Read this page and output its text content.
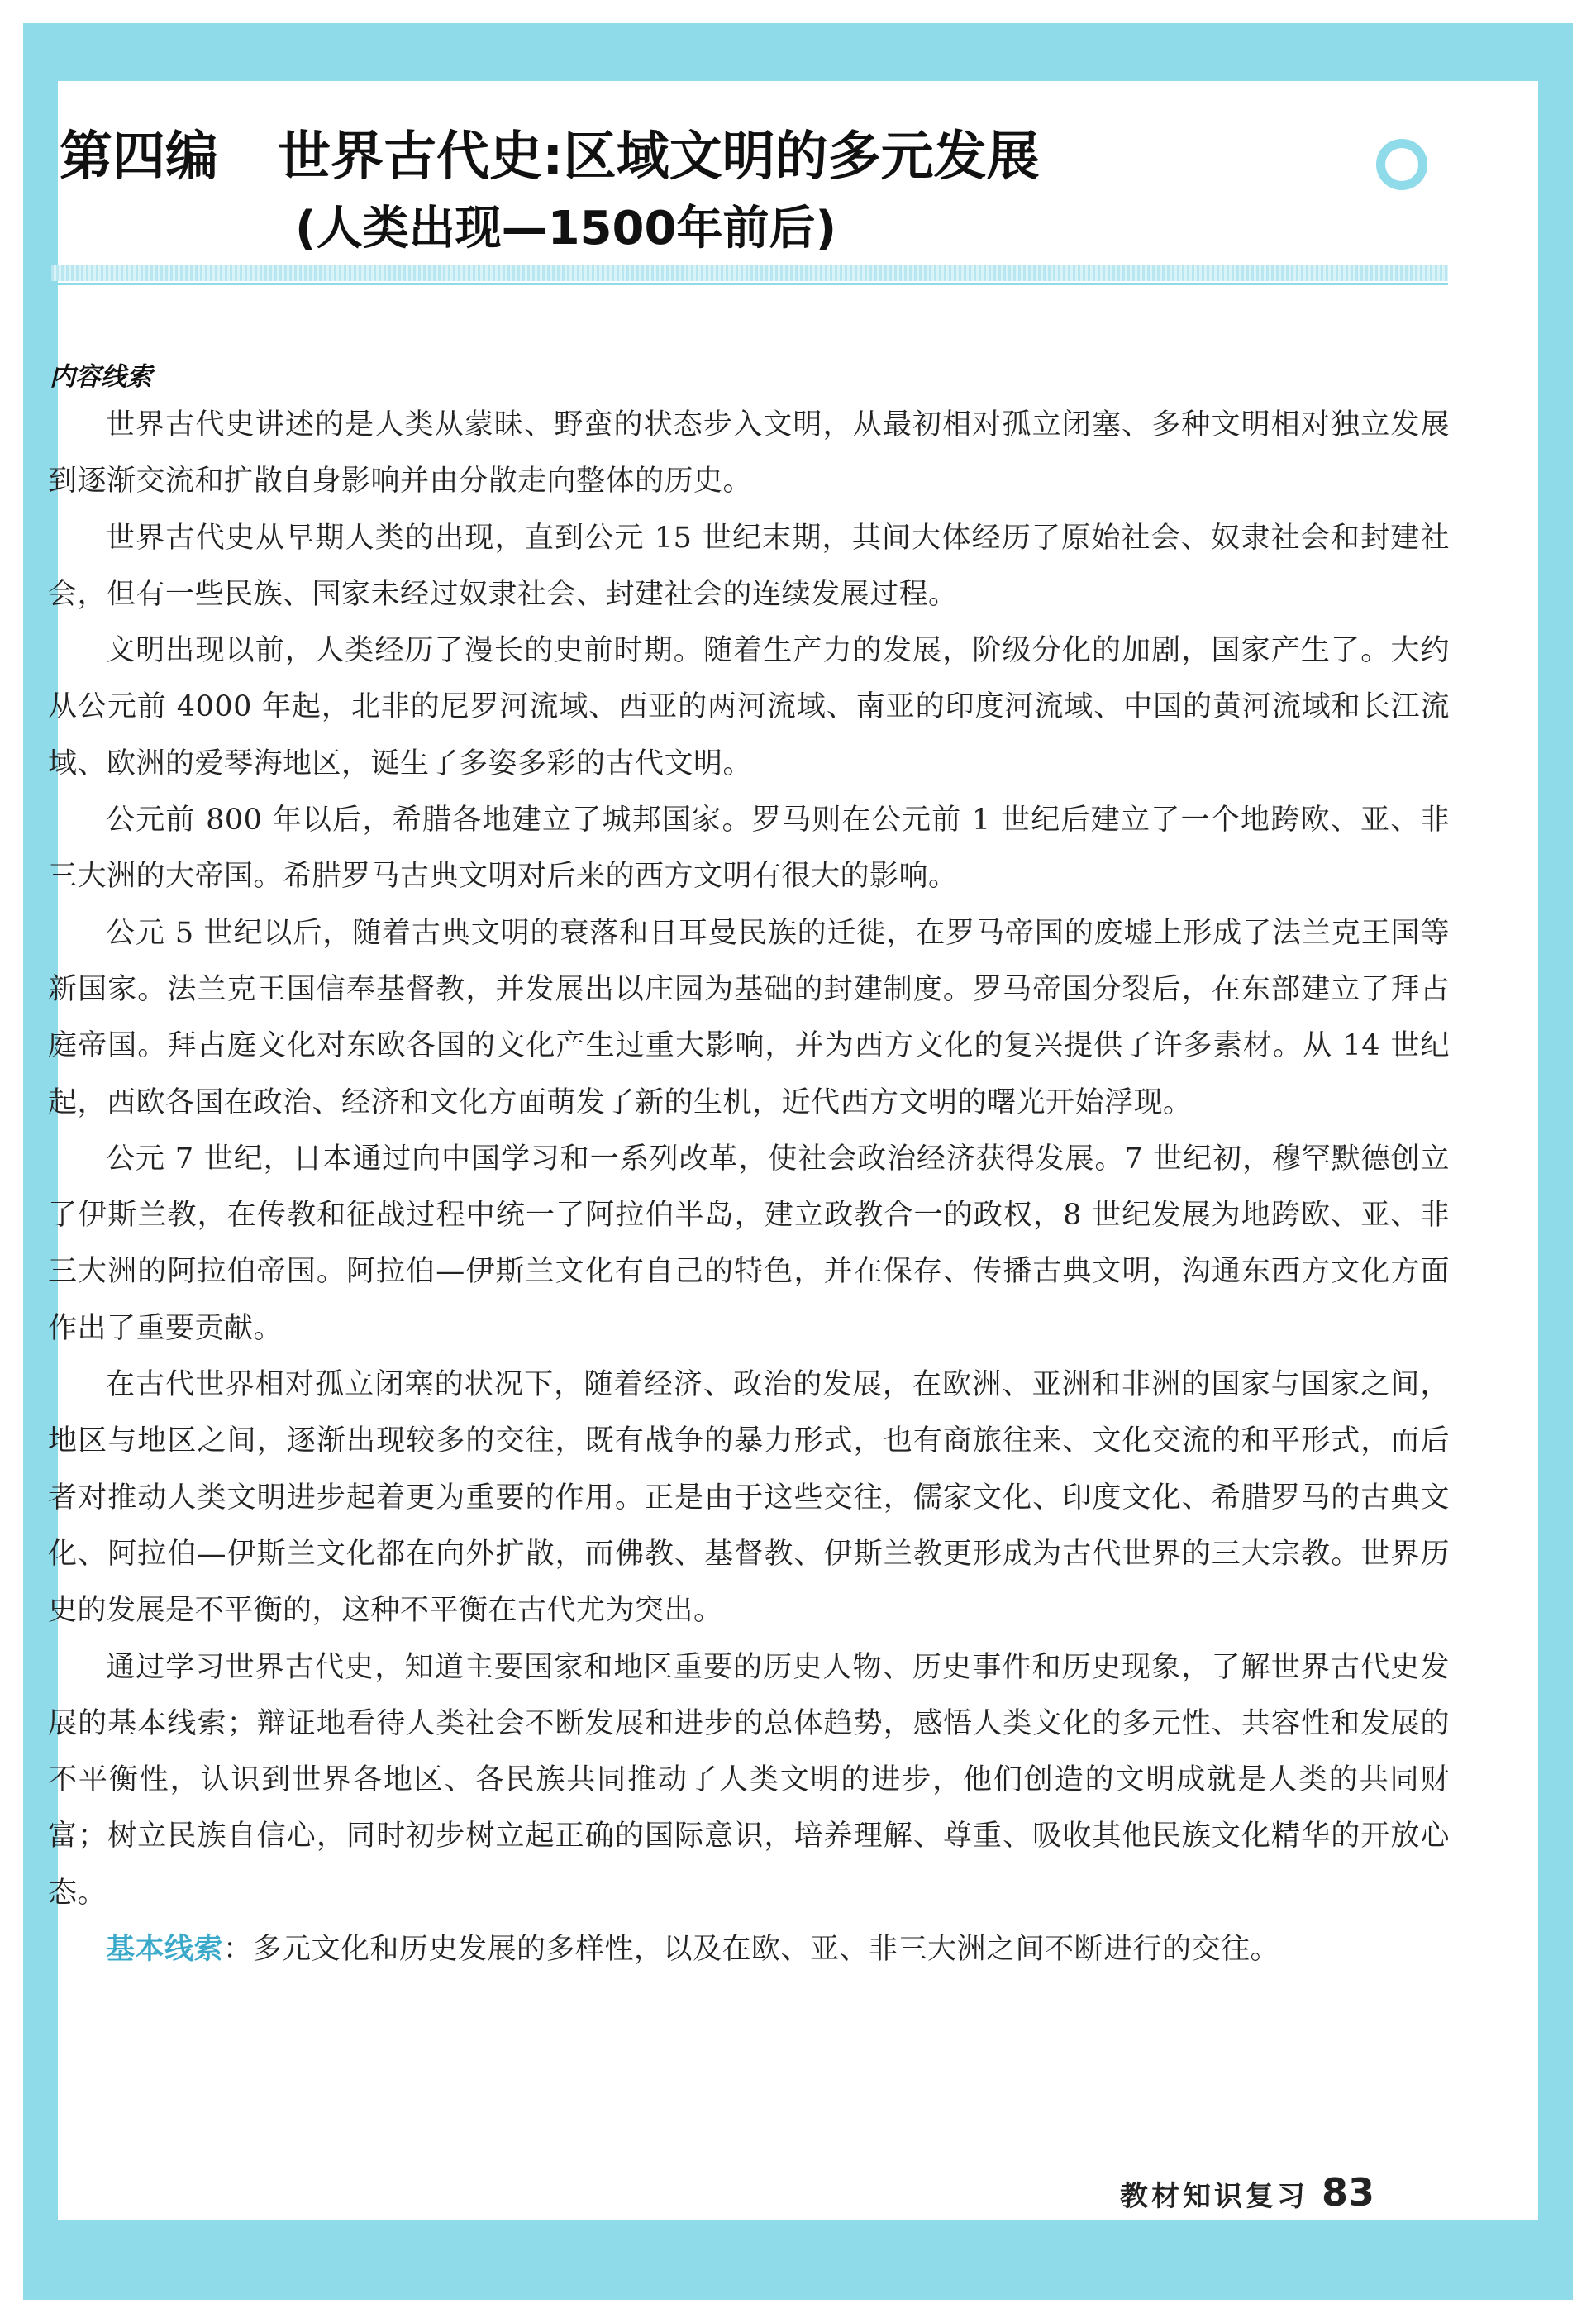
第四编 世界古代史:区域文明的多元发展
(人类出现—1500年前后)
内容线索

世界古代史讲述的是人类从蒙昧、野蛮的状态步入文明，从最初相对孤立闭塞、多种文明相对独立发展到逐渐交流和扩散自身影响并由分散走向整体的历史。

世界古代史从早期人类的出现，直到公元 15 世纪末期，其间大体经历了原始社会、奴隶社会和封建社会，但有一些民族、国家未经过奴隶社会、封建社会的连续发展过程。

文明出现以前，人类经历了漫长的史前时期。随着生产力的发展，阶级分化的加剧，国家产生了。大约从公元前 4000 年起，北非的尼罗河流域、西亚的两河流域、南亚的印度河流域、中国的黄河流域和长江流域、欧洲的爱琴海地区，诞生了多姿多彩的古代文明。

公元前 800 年以后，希腊各地建立了城邦国家。罗马则在公元前 1 世纪后建立了一个地跨欧、亚、非三大洲的大帝国。希腊罗马古典文明对后来的西方文明有很大的影响。

公元 5 世纪以后，随着古典文明的衰落和日耳曼民族的迁徙，在罗马帝国的废墟上形成了法兰克王国等新国家。法兰克王国信奉基督教，并发展出以庄园为基础的封建制度。罗马帝国分裂后，在东部建立了拜占庭帝国。拜占庭文化对东欧各国的文化产生过重大影响，并为西方文化的复兴提供了许多素材。从 14 世纪起，西欧各国在政治、经济和文化方面萌发了新的生机，近代西方文明的曙光开始浮现。

公元 7 世纪，日本通过向中国学习和一系列改革，使社会政治经济获得发展。7 世纪初，穆罕默德创立了伊斯兰教，在传教和征战过程中统一了阿拉伯半岛，建立政教合一的政权，8 世纪发展为地跨欧、亚、非三大洲的阿拉伯帝国。阿拉伯—伊斯兰文化有自己的特色，并在保存、传播古典文明，沟通东西方文化方面作出了重要贡献。

在古代世界相对孤立闭塞的状况下，随着经济、政治的发展，在欧洲、亚洲和非洲的国家与国家之间，地区与地区之间，逐渐出现较多的交往，既有战争的暴力形式，也有商旅往来、文化交流的和平形式，而后者对推动人类文明进步起着更为重要的作用。正是由于这些交往，儒家文化、印度文化、希腊罗马的古典文化、阿拉伯—伊斯兰文化都在向外扩散，而佛教、基督教、伊斯兰教更形成为古代世界的三大宗教。世界历史的发展是不平衡的，这种不平衡在古代尤为突出。

通过学习世界古代史，知道主要国家和地区重要的历史人物、历史事件和历史现象，了解世界古代史发展的基本线索；辩证地看待人类社会不断发展和进步的总体趋势，感悟人类文化的多元性、共容性和发展的不平衡性，认识到世界各地区、各民族共同推动了人类文明的进步，他们创造的文明成就是人类的共同财富；树立民族自信心，同时初步树立起正确的国际意识，培养理解、尊重、吸收其他民族文化精华的开放心态。

基本线索：多元文化和历史发展的多样性，以及在欧、亚、非三大洲之间不断进行的交往。

教材知识复习 83
